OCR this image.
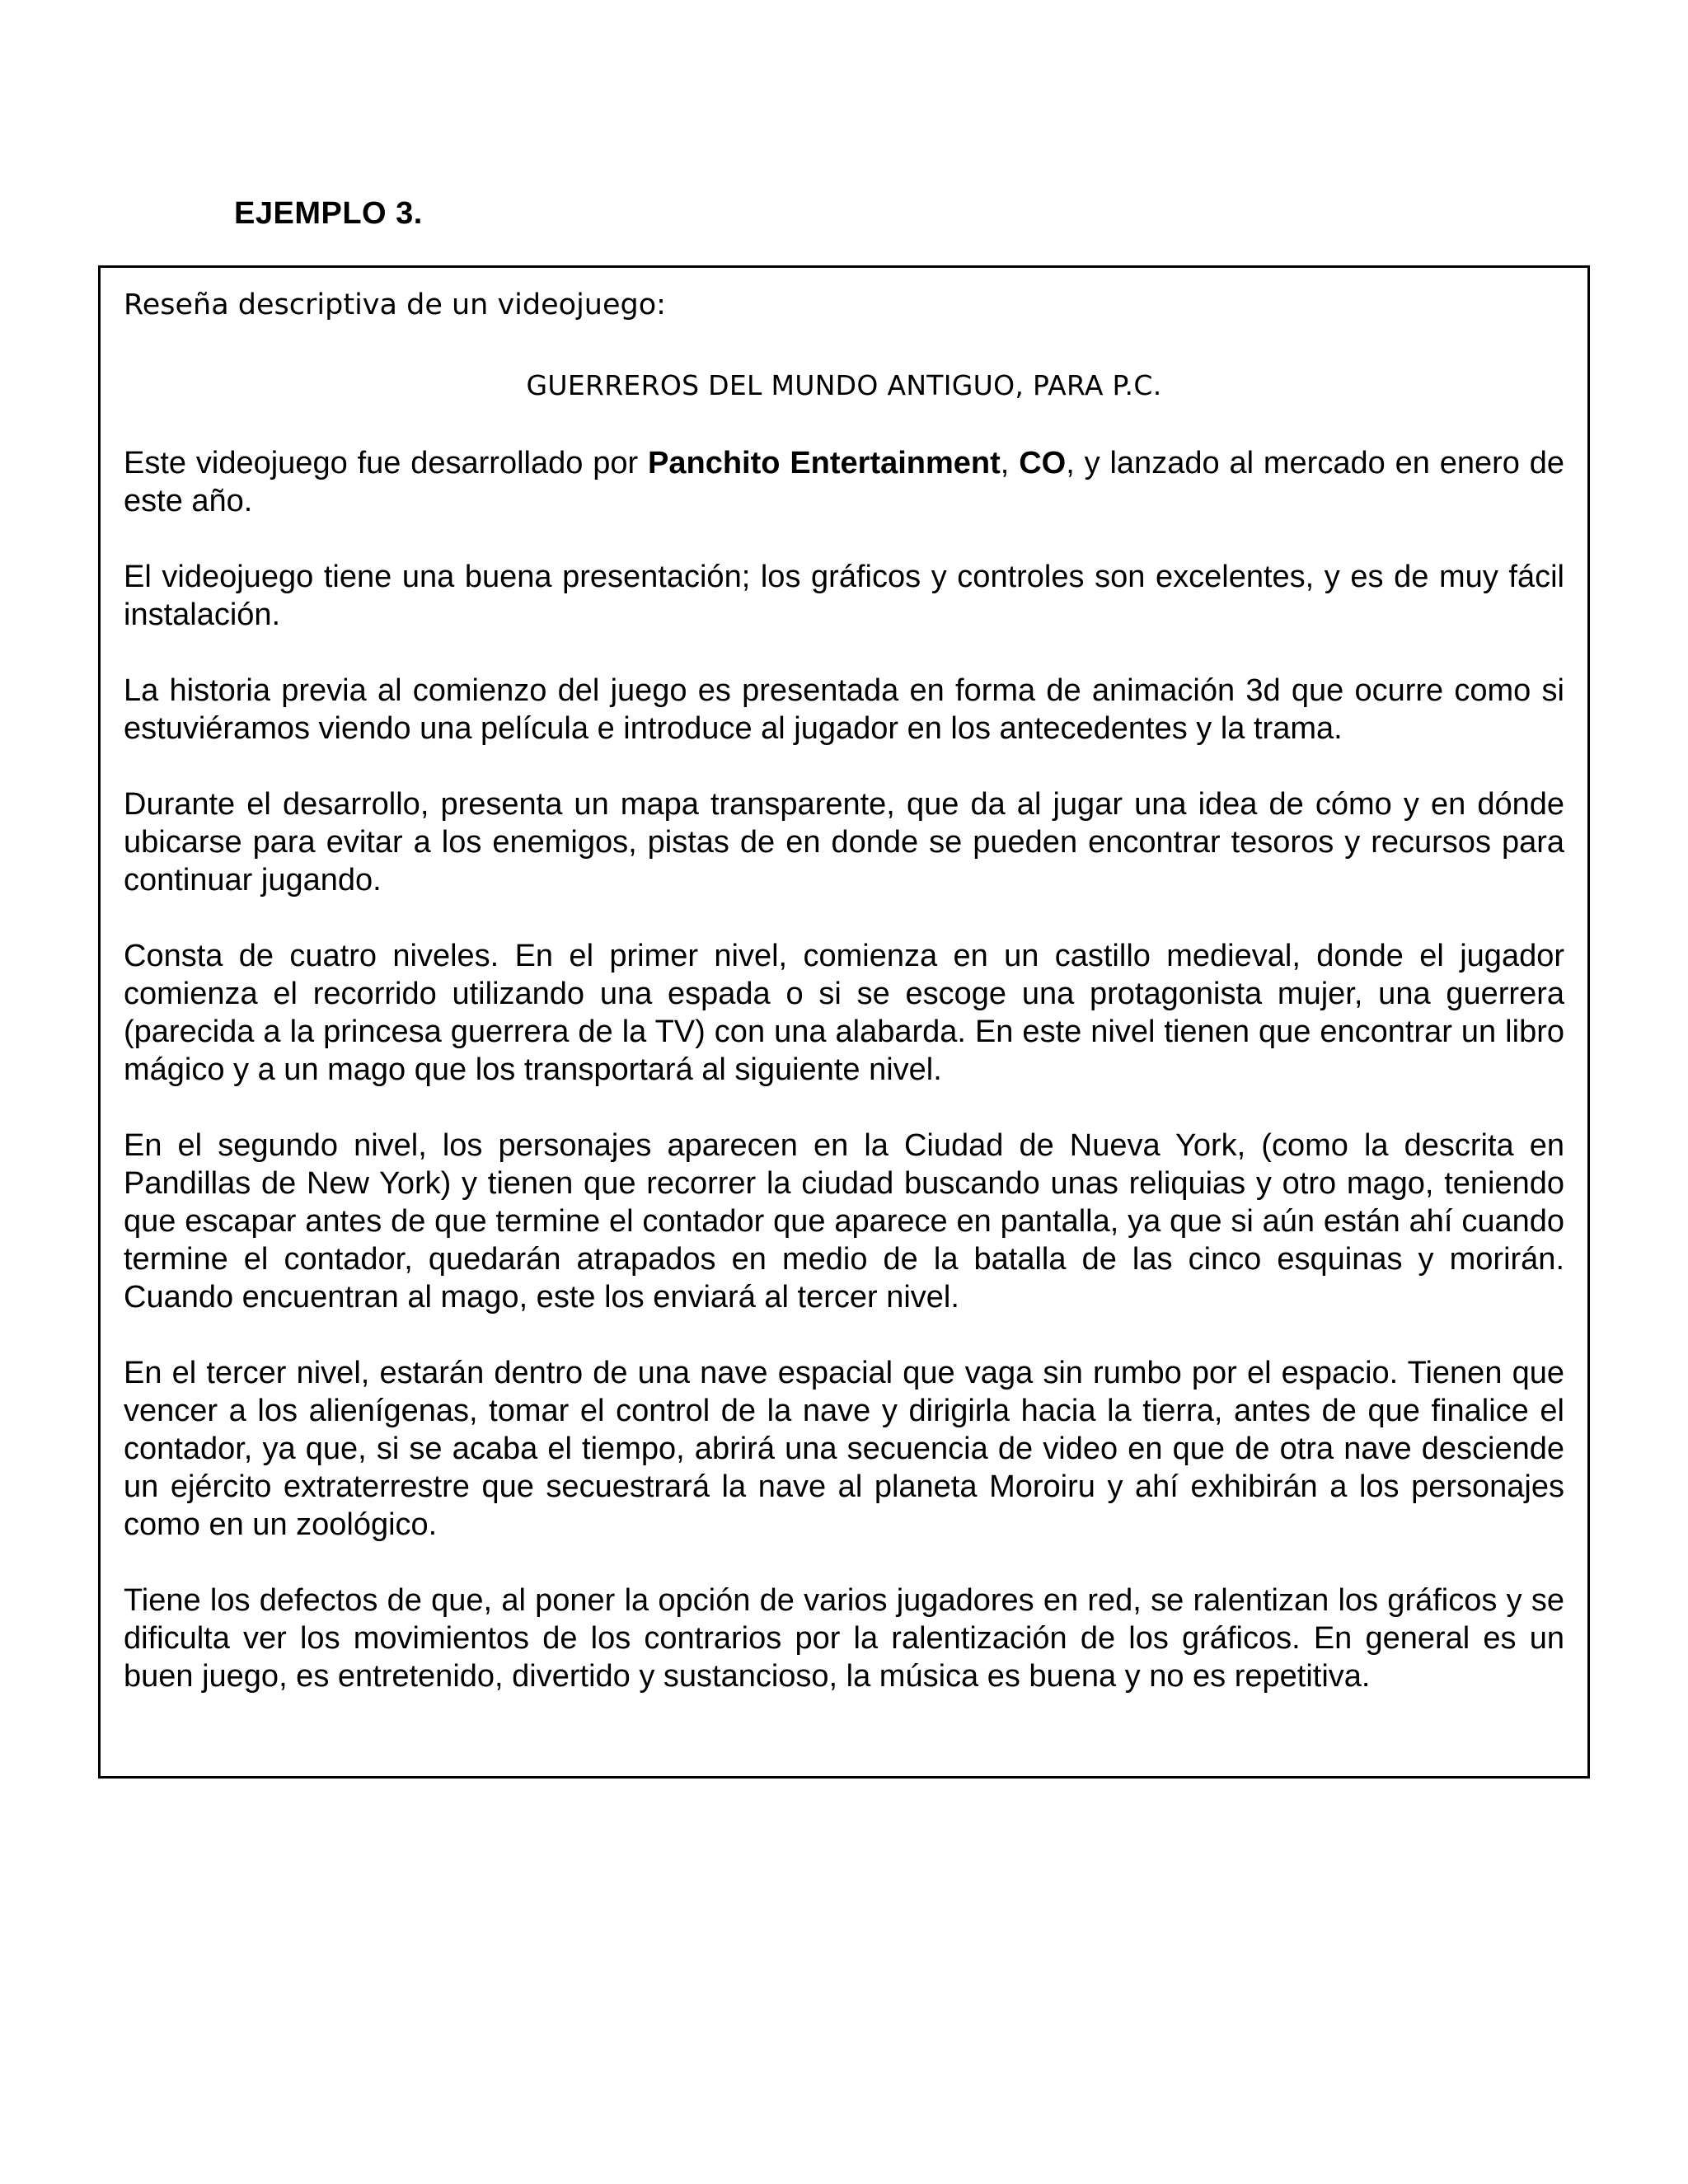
EJEMPLO 3.

Reseña descriptiva de un videojuego:

GUERREROS DEL MUNDO ANTIGUO, PARA P.C.

Este videojuego fue desarrollado por Panchito Entertainment, CO, y lanzado al mercado en enero de este año.

El videojuego tiene una buena presentación; los gráficos y controles son excelentes, y es de muy fácil instalación.

La historia previa al comienzo del juego es presentada en forma de animación 3d que ocurre como si estuviéramos viendo una película e introduce al jugador en los antecedentes y la trama.

Durante el desarrollo, presenta un mapa transparente, que da al jugar una idea de cómo y en dónde ubicarse para evitar a los enemigos, pistas de en donde se pueden encontrar tesoros y recursos para continuar jugando.

Consta de cuatro niveles. En el primer nivel, comienza en un castillo medieval, donde el jugador comienza el recorrido utilizando una espada o si se escoge una protagonista mujer, una guerrera (parecida a la princesa guerrera de la TV) con una alabarda. En este nivel tienen que encontrar un libro mágico y a un mago que los transportará al siguiente nivel.

En el segundo nivel, los personajes aparecen en la Ciudad de Nueva York, (como la descrita en Pandillas de New York) y tienen que recorrer la ciudad buscando unas reliquias y otro mago, teniendo que escapar antes de que termine el contador que aparece en pantalla, ya que si aún están ahí cuando termine el contador, quedarán atrapados en medio de la batalla de las cinco esquinas y morirán. Cuando encuentran al mago, este los enviará al tercer nivel.

En el tercer nivel, estarán dentro de una nave espacial que vaga sin rumbo por el espacio. Tienen que vencer a los alienígenas, tomar el control de la nave y dirigirla hacia la tierra, antes de que finalice el contador, ya que, si se acaba el tiempo, abrirá una secuencia de video en que de otra nave desciende un ejército extraterrestre que secuestrará la nave al planeta Moroiru y ahí exhibirán a los personajes como en un zoológico.

Tiene los defectos de que, al poner la opción de varios jugadores en red, se ralentizan los gráficos y se dificulta ver los movimientos de los contrarios por la ralentización de los gráficos. En general es un buen juego, es entretenido, divertido y sustancioso, la música es buena y no es repetitiva.
